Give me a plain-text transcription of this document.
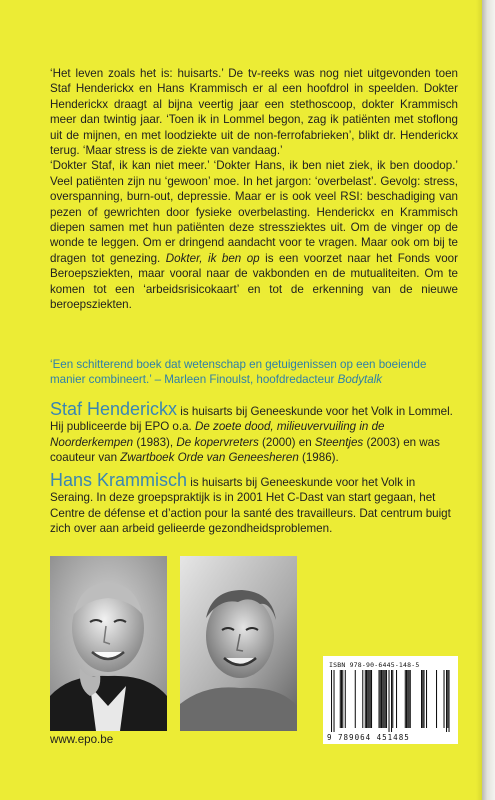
‘Het leven zoals het is: huisarts.’ De tv-reeks was nog niet uitgevonden toen Staf Henderickx en Hans Krammisch er al een hoofdrol in speelden. Dokter Henderickx draagt al bijna veertig jaar een stethoscoop, dokter Krammisch meer dan twintig jaar. ‘Toen ik in Lommel begon, zag ik patiënten met stoflong uit de mijnen, en met loodziekte uit de non-ferrofabrieken’, blikt dr. Henderickx terug. ‘Maar stress is de ziekte van vandaag.’

‘Dokter Staf, ik kan niet meer.’ ‘Dokter Hans, ik ben niet ziek, ik ben doodop.’ Veel patiënten zijn nu ‘gewoon’ moe. In het jargon: ‘overbelast’. Gevolg: stress, overspanning, burn-out, depressie. Maar er is ook veel RSI: beschadiging van pezen of gewrichten door fysieke overbelasting. Henderickx en Krammisch diepen samen met hun patiënten deze stressziektes uit. Om de vinger op de wonde te leggen. Om er dringend aandacht voor te vragen. Maar ook om bij te dragen tot genezing. Dokter, ik ben op is een voorzet naar het Fonds voor Beroepsziekten, maar vooral naar de vakbonden en de mutualiteiten. Om te komen tot een ‘arbeidsrisicokaart’ en tot de erkenning van de nieuwe beroepsziekten.

‘Een schitterend boek dat wetenschap en getuigenissen op een boeiende manier combineert.’ – Marleen Finoulst, hoofdredacteur Bodytalk
Staf Henderickx is huisarts bij Geneeskunde voor het Volk in Lommel. Hij publiceerde bij EPO o.a. De zoete dood, milieuvervuiling in de Noorderkempen (1983), De kopervreters (2000) en Steentjes (2003) en was coauteur van Zwartboek Orde van Geneesheren (1986).
Hans Krammisch is huisarts bij Geneeskunde voor het Volk in Seraing. In deze groepspraktijk is in 2001 Het C-Dast van start gegaan, het Centre de défense et d’action pour la santé des travailleurs. Dat centrum buigt zich over aan arbeid gelieerde gezondheidsproblemen.
ISBN 978-90-6445-148-5
9 789064 451485
www.epo.be
